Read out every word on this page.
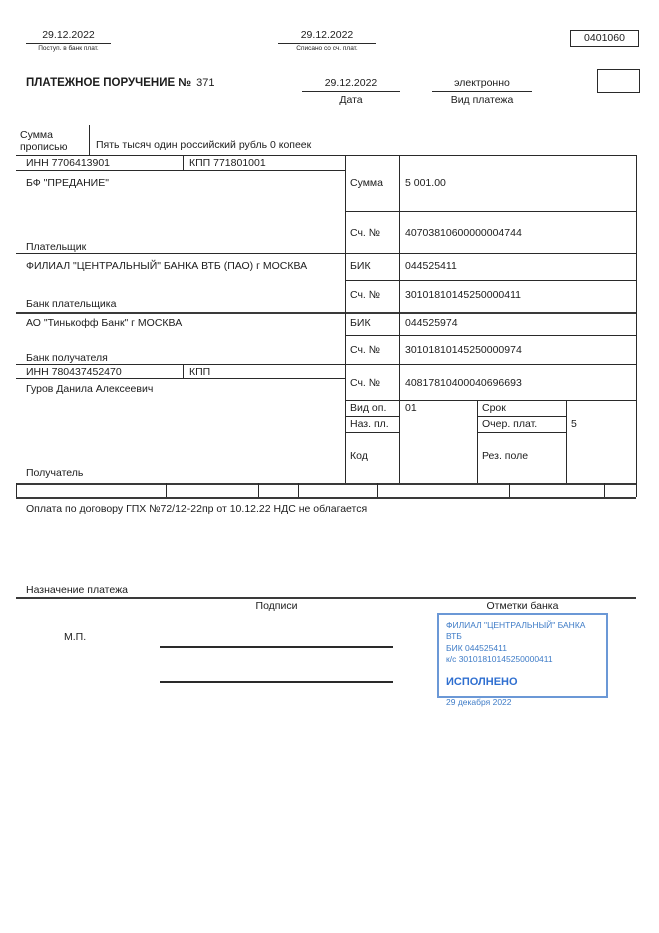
29.12.2022
Поступ. в банк плат.
29.12.2022
Списано со сч. плат.
0401060
ПЛАТЕЖНОЕ ПОРУЧЕНИЕ № 371	29.12.2022
Дата
электронно
Вид платежа
Сумма прописью	Пять тысяч один российский рубль 0 копеек
ИНН 7706413901	КПП 771801001
БФ "ПРЕДАНИЕ"
Плательщик
Сумма 5 001.00
Сч. № 40703810600000004744
ФИЛИАЛ "ЦЕНТРАЛЬНЫЙ" БАНКА ВТБ (ПАО) г МОСКВА	БИК	044525411
Сч. № 30101810145250000411
Банк плательщика
АО "Тинькофф Банк" г МОСКВА	БИК	044525974
Сч. № 30101810145250000974
Банк получателя
ИНН 780437452470	КПП
Гуров Данила Алексеевич	Сч. № 40817810400040696693
Вид оп. 01	Срок
Наз. пл.	Очер. плат.	5
Код	Рез. поле
Получатель
Оплата по договору ГПХ №72/12-22пр от 10.12.22 НДС не облагается
Назначение платежа
Подписи	Отметки банка
М.П.
ФИЛИАЛ "ЦЕНТРАЛЬНЫЙ" БАНКА ВТБ
БИК 044525411
к/с 30101810145250000411
ИСПОЛНЕНО
29 декабря 2022
